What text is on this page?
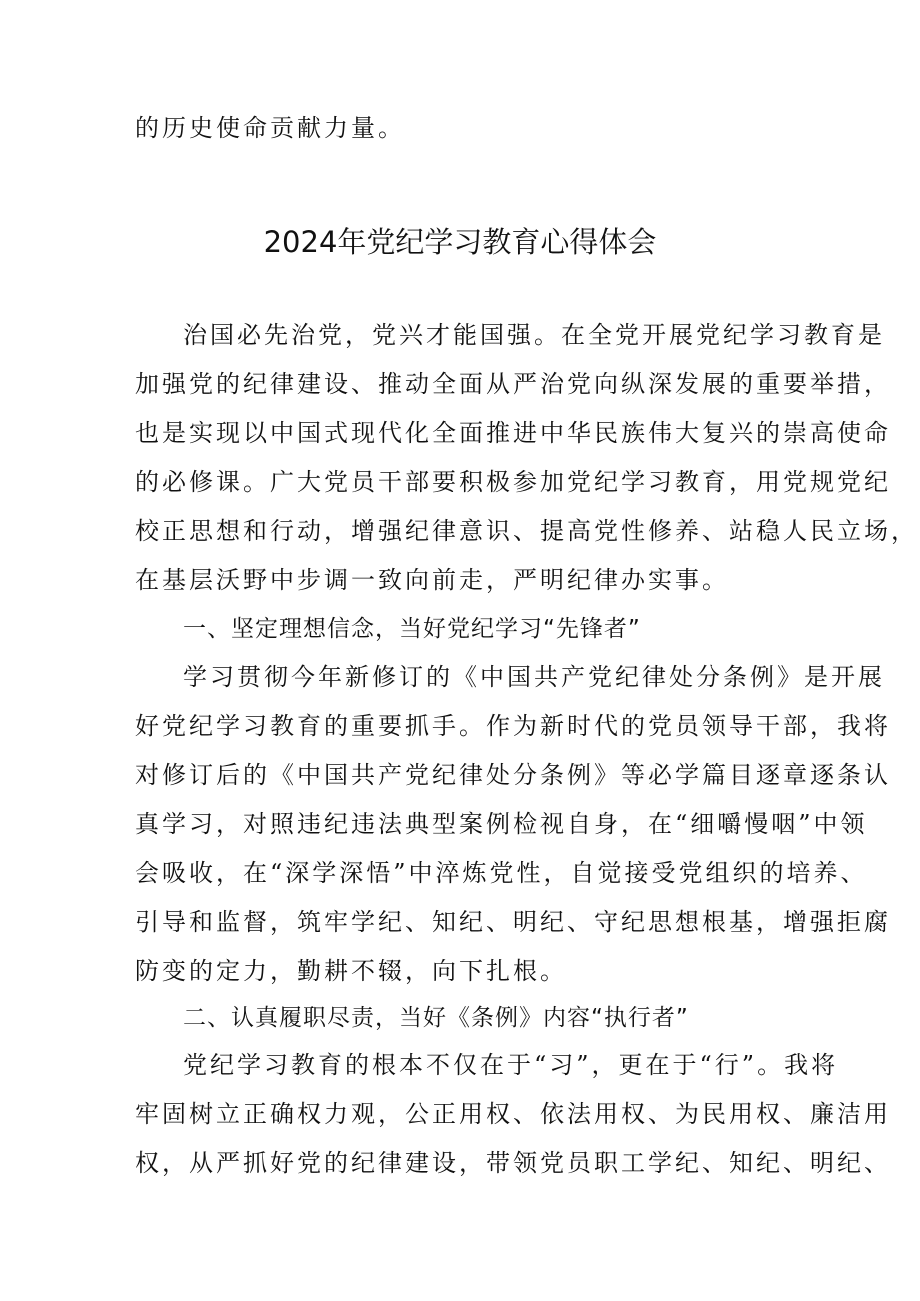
的历史使命贡献力量。
2024年党纪学习教育心得体会
治国必先治党，党兴才能国强。在全党开展党纪学习教育是
加强党的纪律建设、推动全面从严治党向纵深发展的重要举措，
也是实现以中国式现代化全面推进中华民族伟大复兴的崇高使命
的必修课。广大党员干部要积极参加党纪学习教育，用党规党纪
校正思想和行动，增强纪律意识、提高党性修养、站稳人民立场，
在基层沃野中步调一致向前走，严明纪律办实事。
一、坚定理想信念，当好党纪学习“先锋者”
学习贯彻今年新修订的《中国共产党纪律处分条例》是开展
好党纪学习教育的重要抓手。作为新时代的党员领导干部，我将
对修订后的《中国共产党纪律处分条例》等必学篇目逐章逐条认
真学习，对照违纪违法典型案例检视自身，在“细嚼慢咽”中领
会吸收，在“深学深悟”中淬炼党性，自觉接受党组织的培养、
引导和监督，筑牢学纪、知纪、明纪、守纪思想根基，增强拒腐
防变的定力，勤耕不辍，向下扎根。
二、认真履职尽责，当好《条例》内容“执行者”
党纪学习教育的根本不仅在于“习”，更在于“行”。我将
牢固树立正确权力观，公正用权、依法用权、为民用权、廉洁用
权，从严抓好党的纪律建设，带领党员职工学纪、知纪、明纪、
